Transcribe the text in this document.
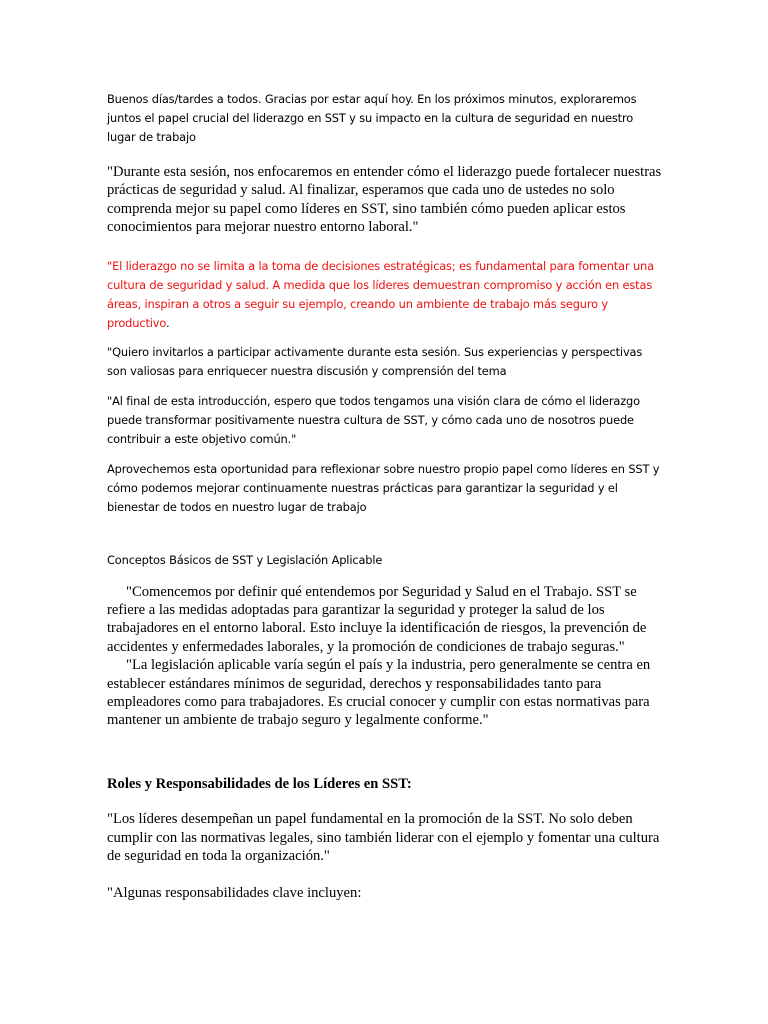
Buenos días/tardes a todos. Gracias por estar aquí hoy. En los próximos minutos, exploraremos juntos el papel crucial del liderazgo en SST y su impacto en la cultura de seguridad en nuestro lugar de trabajo

"Durante esta sesión, nos enfocaremos en entender cómo el liderazgo puede fortalecer nuestras prácticas de seguridad y salud. Al finalizar, esperamos que cada uno de ustedes no solo comprenda mejor su papel como líderes en SST, sino también cómo pueden aplicar estos conocimientos para mejorar nuestro entorno laboral."

"El liderazgo no se limita a la toma de decisiones estratégicas; es fundamental para fomentar una cultura de seguridad y salud. A medida que los líderes demuestran compromiso y acción en estas áreas, inspiran a otros a seguir su ejemplo, creando un ambiente de trabajo más seguro y productivo.

"Quiero invitarlos a participar activamente durante esta sesión. Sus experiencias y perspectivas son valiosas para enriquecer nuestra discusión y comprensión del tema

"Al final de esta introducción, espero que todos tengamos una visión clara de cómo el liderazgo puede transformar positivamente nuestra cultura de SST, y cómo cada uno de nosotros puede contribuir a este objetivo común."

Aprovechemos esta oportunidad para reflexionar sobre nuestro propio papel como líderes en SST y cómo podemos mejorar continuamente nuestras prácticas para garantizar la seguridad y el bienestar de todos en nuestro lugar de trabajo

Conceptos Básicos de SST y Legislación Aplicable

"Comencemos por definir qué entendemos por Seguridad y Salud en el Trabajo. SST se refiere a las medidas adoptadas para garantizar la seguridad y proteger la salud de los trabajadores en el entorno laboral. Esto incluye la identificación de riesgos, la prevención de accidentes y enfermedades laborales, y la promoción de condiciones de trabajo seguras."

"La legislación aplicable varía según el país y la industria, pero generalmente se centra en establecer estándares mínimos de seguridad, derechos y responsabilidades tanto para empleadores como para trabajadores. Es crucial conocer y cumplir con estas normativas para mantener un ambiente de trabajo seguro y legalmente conforme."

Roles y Responsabilidades de los Líderes en SST:

"Los líderes desempeñan un papel fundamental en la promoción de la SST. No solo deben cumplir con las normativas legales, sino también liderar con el ejemplo y fomentar una cultura de seguridad en toda la organización."

"Algunas responsabilidades clave incluyen:
